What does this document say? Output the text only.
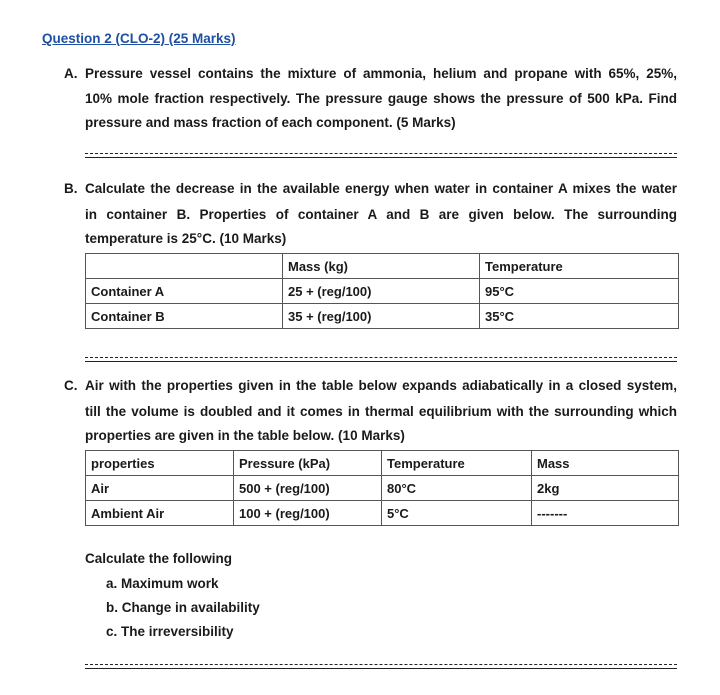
Question 2 (CLO-2) (25 Marks)
A. Pressure vessel contains the mixture of ammonia, helium and propane with 65%, 25%,
10% mole fraction respectively. The pressure gauge shows the pressure of 500 kPa. Find
pressure and mass fraction of each component. (5 Marks)
B. Calculate the decrease in the available energy when water in container A mixes the water
in container B. Properties of container A and B are given below. The surrounding
temperature is 25°C. (10 Marks)
	Mass (kg)	Temperature
Container A	25 + (reg/100)	95°C
Container B	35 + (reg/100)	35°C
C. Air with the properties given in the table below expands adiabatically in a closed system,
till the volume is doubled and it comes in thermal equilibrium with the surrounding which
properties are given in the table below. (10 Marks)
properties	Pressure (kPa)	Temperature	Mass
Air	500 + (reg/100)	80°C	2kg
Ambient Air	100 + (reg/100)	5°C	-------
Calculate the following
a. Maximum work
b. Change in availability
c. The irreversibility
